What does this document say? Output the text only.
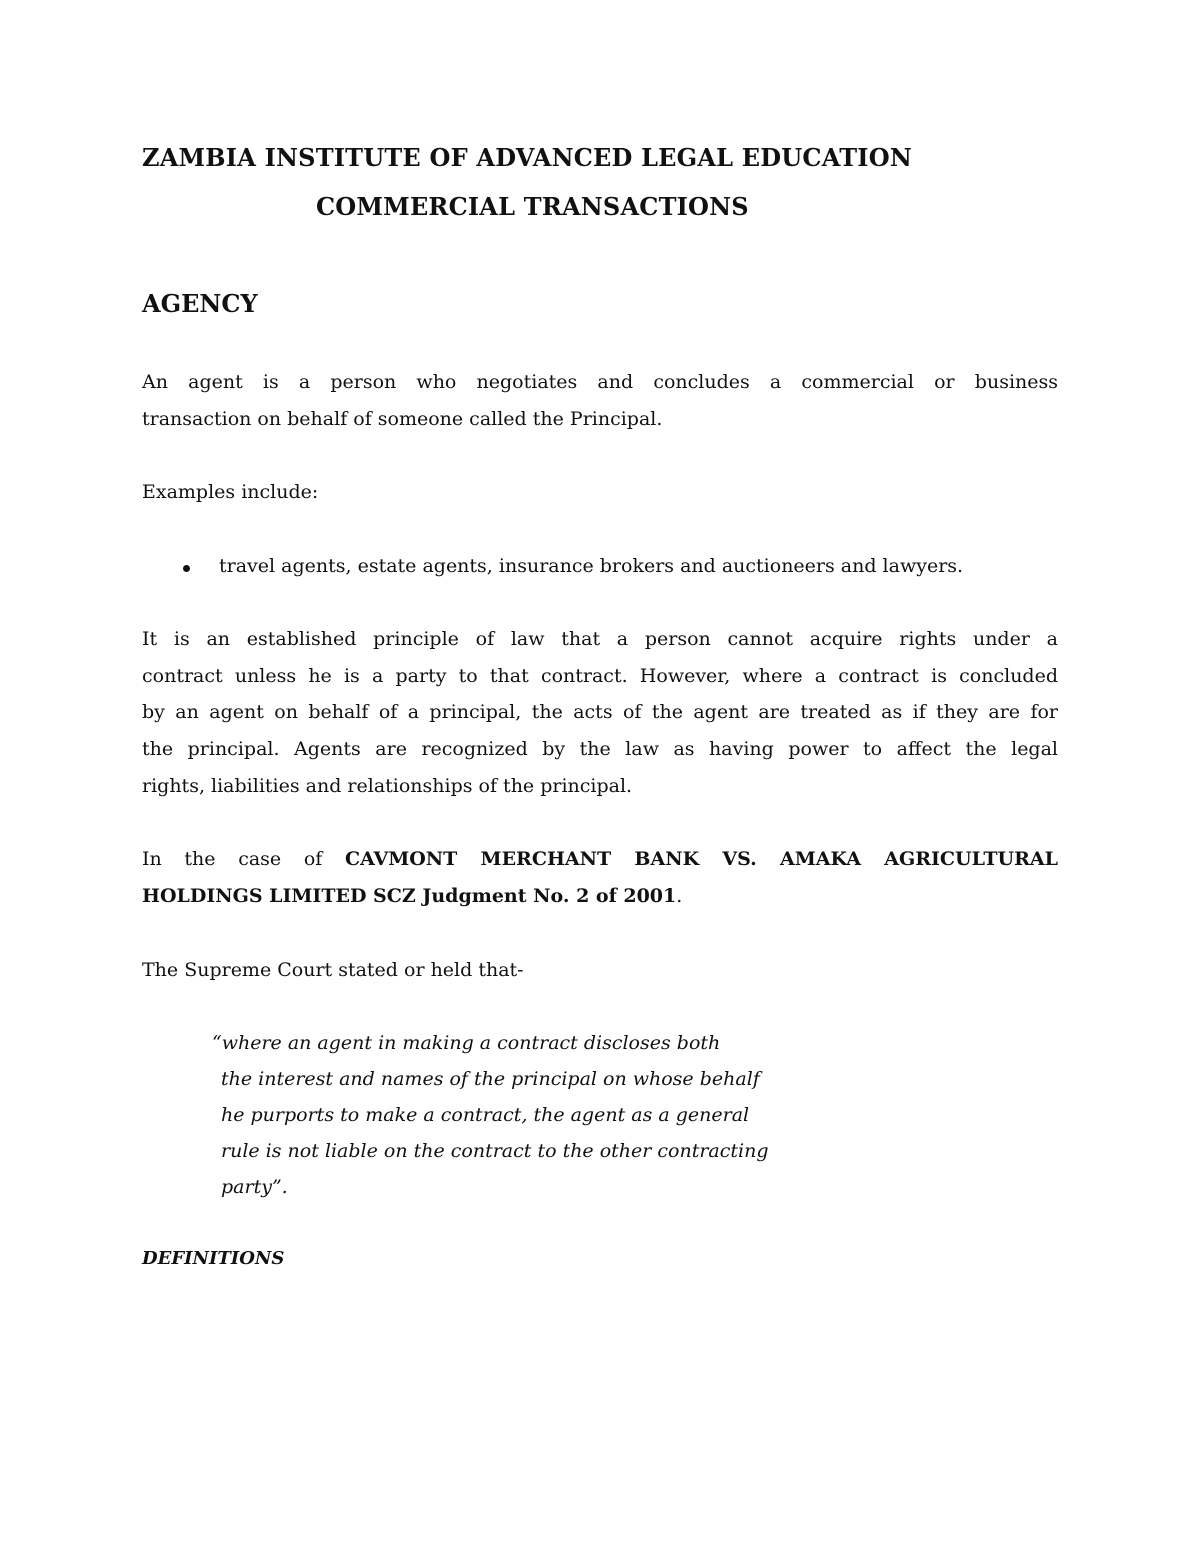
ZAMBIA INSTITUTE OF ADVANCED LEGAL EDUCATION
COMMERCIAL TRANSACTIONS
AGENCY

An agent is a person who negotiates and concludes a commercial or business
transaction on behalf of someone called the Principal.

Examples include:

travel agents, estate agents, insurance brokers and auctioneers and lawyers.

It is an established principle of law that a person cannot acquire rights under a
contract unless he is a party to that contract. However, where a contract is concluded
by an agent on behalf of a principal, the acts of the agent are treated as if they are for
the principal. Agents are recognized by the law as having power to affect the legal
rights, liabilities and relationships of the principal.

In the case of CAVMONT MERCHANT BANK VS. AMAKA AGRICULTURAL
HOLDINGS LIMITED SCZ Judgment No. 2 of 2001.

The Supreme Court stated or held that-

“where an agent in making a contract discloses both
the interest and names of the principal on whose behalf
he purports to make a contract, the agent as a general
rule is not liable on the contract to the other contracting
party”.
DEFINITIONS
